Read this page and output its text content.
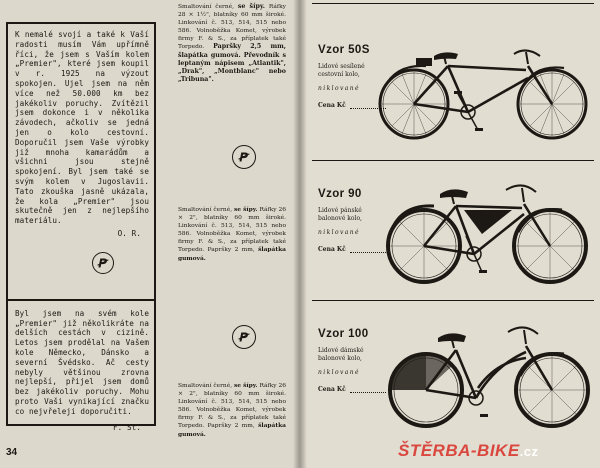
K nemalé svojí a také k Vaší radosti musím Vám upřímně říci, že jsem s Vaším kolem „Premier", které jsem koupil v r. 1925 na výzout spokojen. Ujel jsem na něm více než 50.000 km bez jakékoliv poruchy. Zvítězil jsem dokonce i v několika závodech, ačkoliv se jedná jen o kolo cestovní. Doporučil jsem Vaše výrobky již mnoha kamarádům a všichni jsou stejně spokojení. Byl jsem také se svým kolem v Jugoslavii. Tato zkouška jasně ukázala, že kola „Premier" jsou skutečně jen z nejlepšího materiálu.

O. R.

Byl jsem na svém kole „Premier" již několikráte na delších cestách v cizině. Letos jsem prodělal na Vašem kole Německo, Dánsko a severní Švédsko. Ač cesty nebyly většinou zrovna nejlepší, přijel jsem domů bez jakékoliv poruchy. Mohu proto Vaši vynikající značku co nejvřeleji doporučiti.

F. St.
Smaltování černé, se šípy. Ráfky 28 × 1½", blatníky 60 mm široké. Linkování č. 513, 514, 515 nebo 586. Volnoběžka Komet, výrobek firmy F. & S., za příplatek také Torpedo. Papršky 2,5 mm, šlapátka gumová. Převodník s leptaným nápisem „Atlantik", „Drak", „Montblanc" nebo „Tribuna".
Smaltování černé, se šípy. Ráfky 26 × 2", blatníky 60 mm široké. Linkování č. 513, 514, 515 nebo 586. Volnoběžka Komet, výrobek firmy F. & S., za příplatek také Torpedo. Papršky 2 mm, šlapátka gumová.
Smaltování černé, se šípy. Ráfky 26 × 2", blatníky 60 mm široké. Linkování č. 513, 514, 515 nebo 586. Volnoběžka Komet, výrobek firmy F. & S., za příplatek také Torpedo. Papršky 2 mm, šlapátka gumová.
34
Vzor 50S
Lidové sesílené cestovní kolo,
niklované
Cena Kč
Vzor 90
Lidové pánské balonové kolo,
niklované
Cena Kč
Vzor 100
Lidové dámské balonové kolo,
niklované
Cena Kč
ŠTĚRBA-BIKE.cz
